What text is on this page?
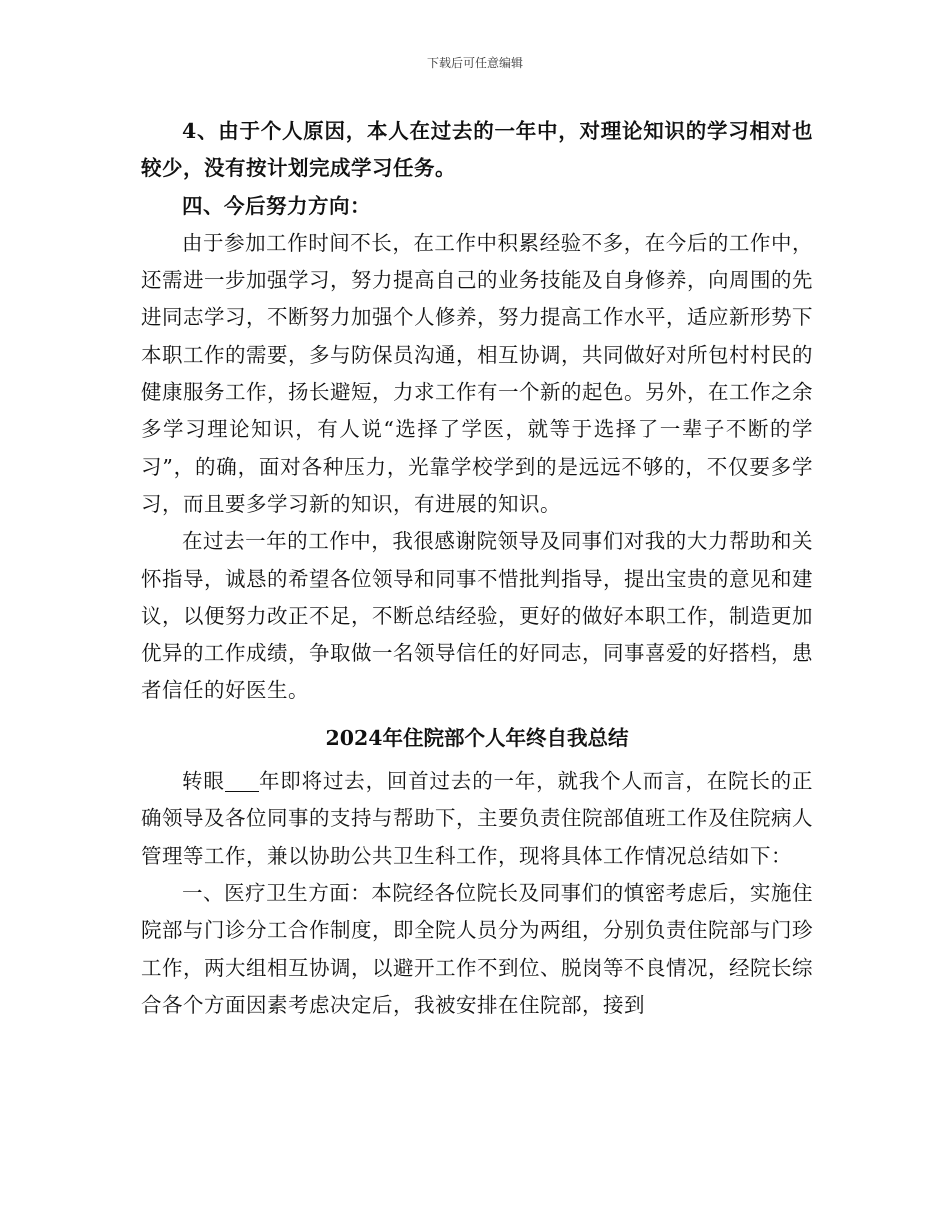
下载后可任意编辑

4、由于个人原因，本人在过去的一年中，对理论知识的学习相对也较少，没有按计划完成学习任务。

四、今后努力方向：

由于参加工作时间不长，在工作中积累经验不多，在今后的工作中，还需进一步加强学习，努力提高自己的业务技能及自身修养，向周围的先进同志学习，不断努力加强个人修养，努力提高工作水平，适应新形势下本职工作的需要，多与防保员沟通，相互协调，共同做好对所包村村民的健康服务工作，扬长避短，力求工作有一个新的起色。另外，在工作之余多学习理论知识，有人说“选择了学医，就等于选择了一辈子不断的学习”，的确，面对各种压力，光靠学校学到的是远远不够的，不仅要多学习，而且要多学习新的知识，有进展的知识。

在过去一年的工作中，我很感谢院领导及同事们对我的大力帮助和关怀指导，诚恳的希望各位领导和同事不惜批判指导，提出宝贵的意见和建议，以便努力改正不足，不断总结经验，更好的做好本职工作，制造更加优异的工作成绩，争取做一名领导信任的好同志，同事喜爱的好搭档，患者信任的好医生。

2024年住院部个人年终自我总结

转眼 年即将过去，回首过去的一年，就我个人而言，在院长的正确领导及各位同事的支持与帮助下，主要负责住院部值班工作及住院病人管理等工作，兼以协助公共卫生科工作，现将具体工作情况总结如下：

一、医疗卫生方面：本院经各位院长及同事们的慎密考虑后，实施住院部与门诊分工合作制度，即全院人员分为两组，分别负责住院部与门珍工作，两大组相互协调，以避开工作不到位、脱岗等不良情况，经院长综合各个方面因素考虑决定后，我被安排在住院部，接到
